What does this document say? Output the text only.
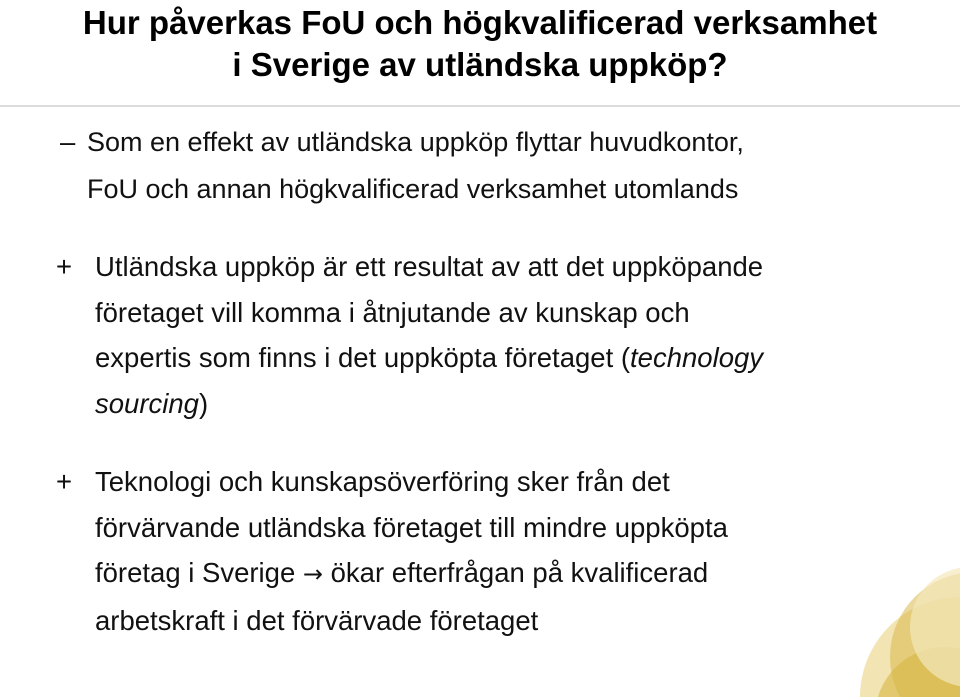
Hur påverkas FoU och högkvalificerad verksamhet
i Sverige av utländska uppköp?
– Som en effekt av utländska uppköp flyttar huvudkontor,
FoU och annan högkvalificerad verksamhet utomlands
+ Utländska uppköp är ett resultat av att det uppköpande
företaget vill komma i åtnjutande av kunskap och
expertis som finns i det uppköpta företaget (technology
sourcing)
+ Teknologi och kunskapsöverföring sker från det
förvärvande utländska företaget till mindre uppköpta
företag i Sverige → ökar efterfrågan på kvalificerad
arbetskraft i det förvärvade företaget
